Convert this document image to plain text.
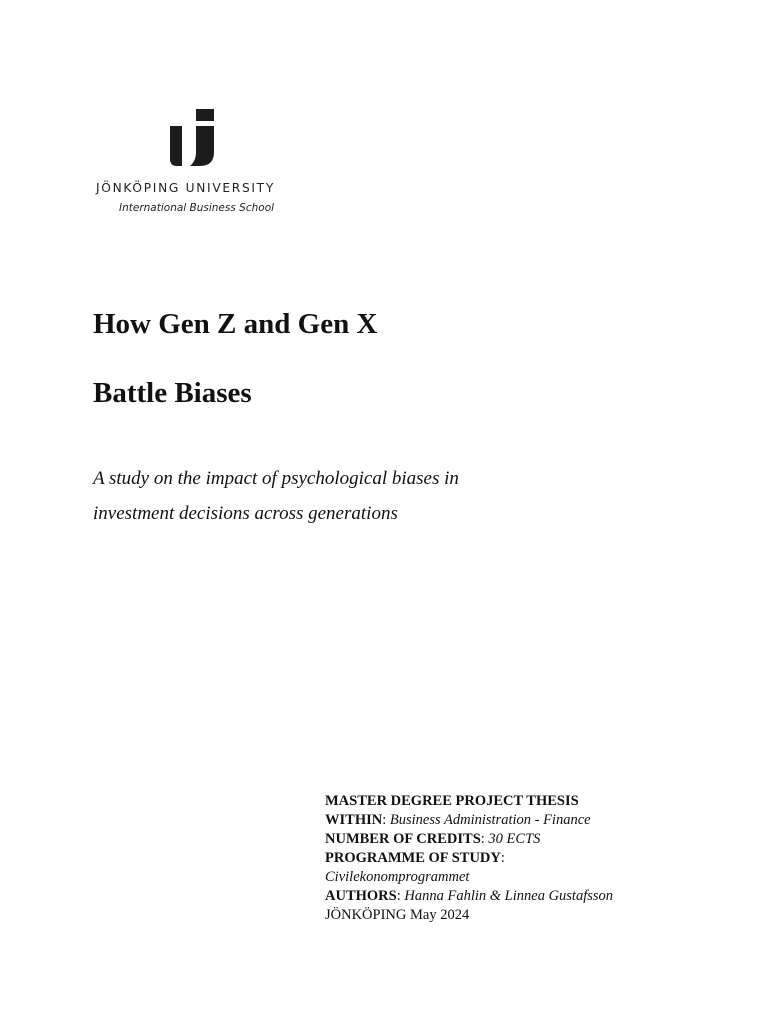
JÖNKÖPING UNIVERSITY
International Business School
How Gen Z and Gen X
Battle Biases

A study on the impact of psychological biases in

investment decisions across generations

MASTER DEGREE PROJECT THESIS
WITHIN: Business Administration - Finance
NUMBER OF CREDITS: 30 ECTS
PROGRAMME OF STUDY:
Civilekonomprogrammet
AUTHORS: Hanna Fahlin & Linnea Gustafsson
JÖNKÖPING May 2024
